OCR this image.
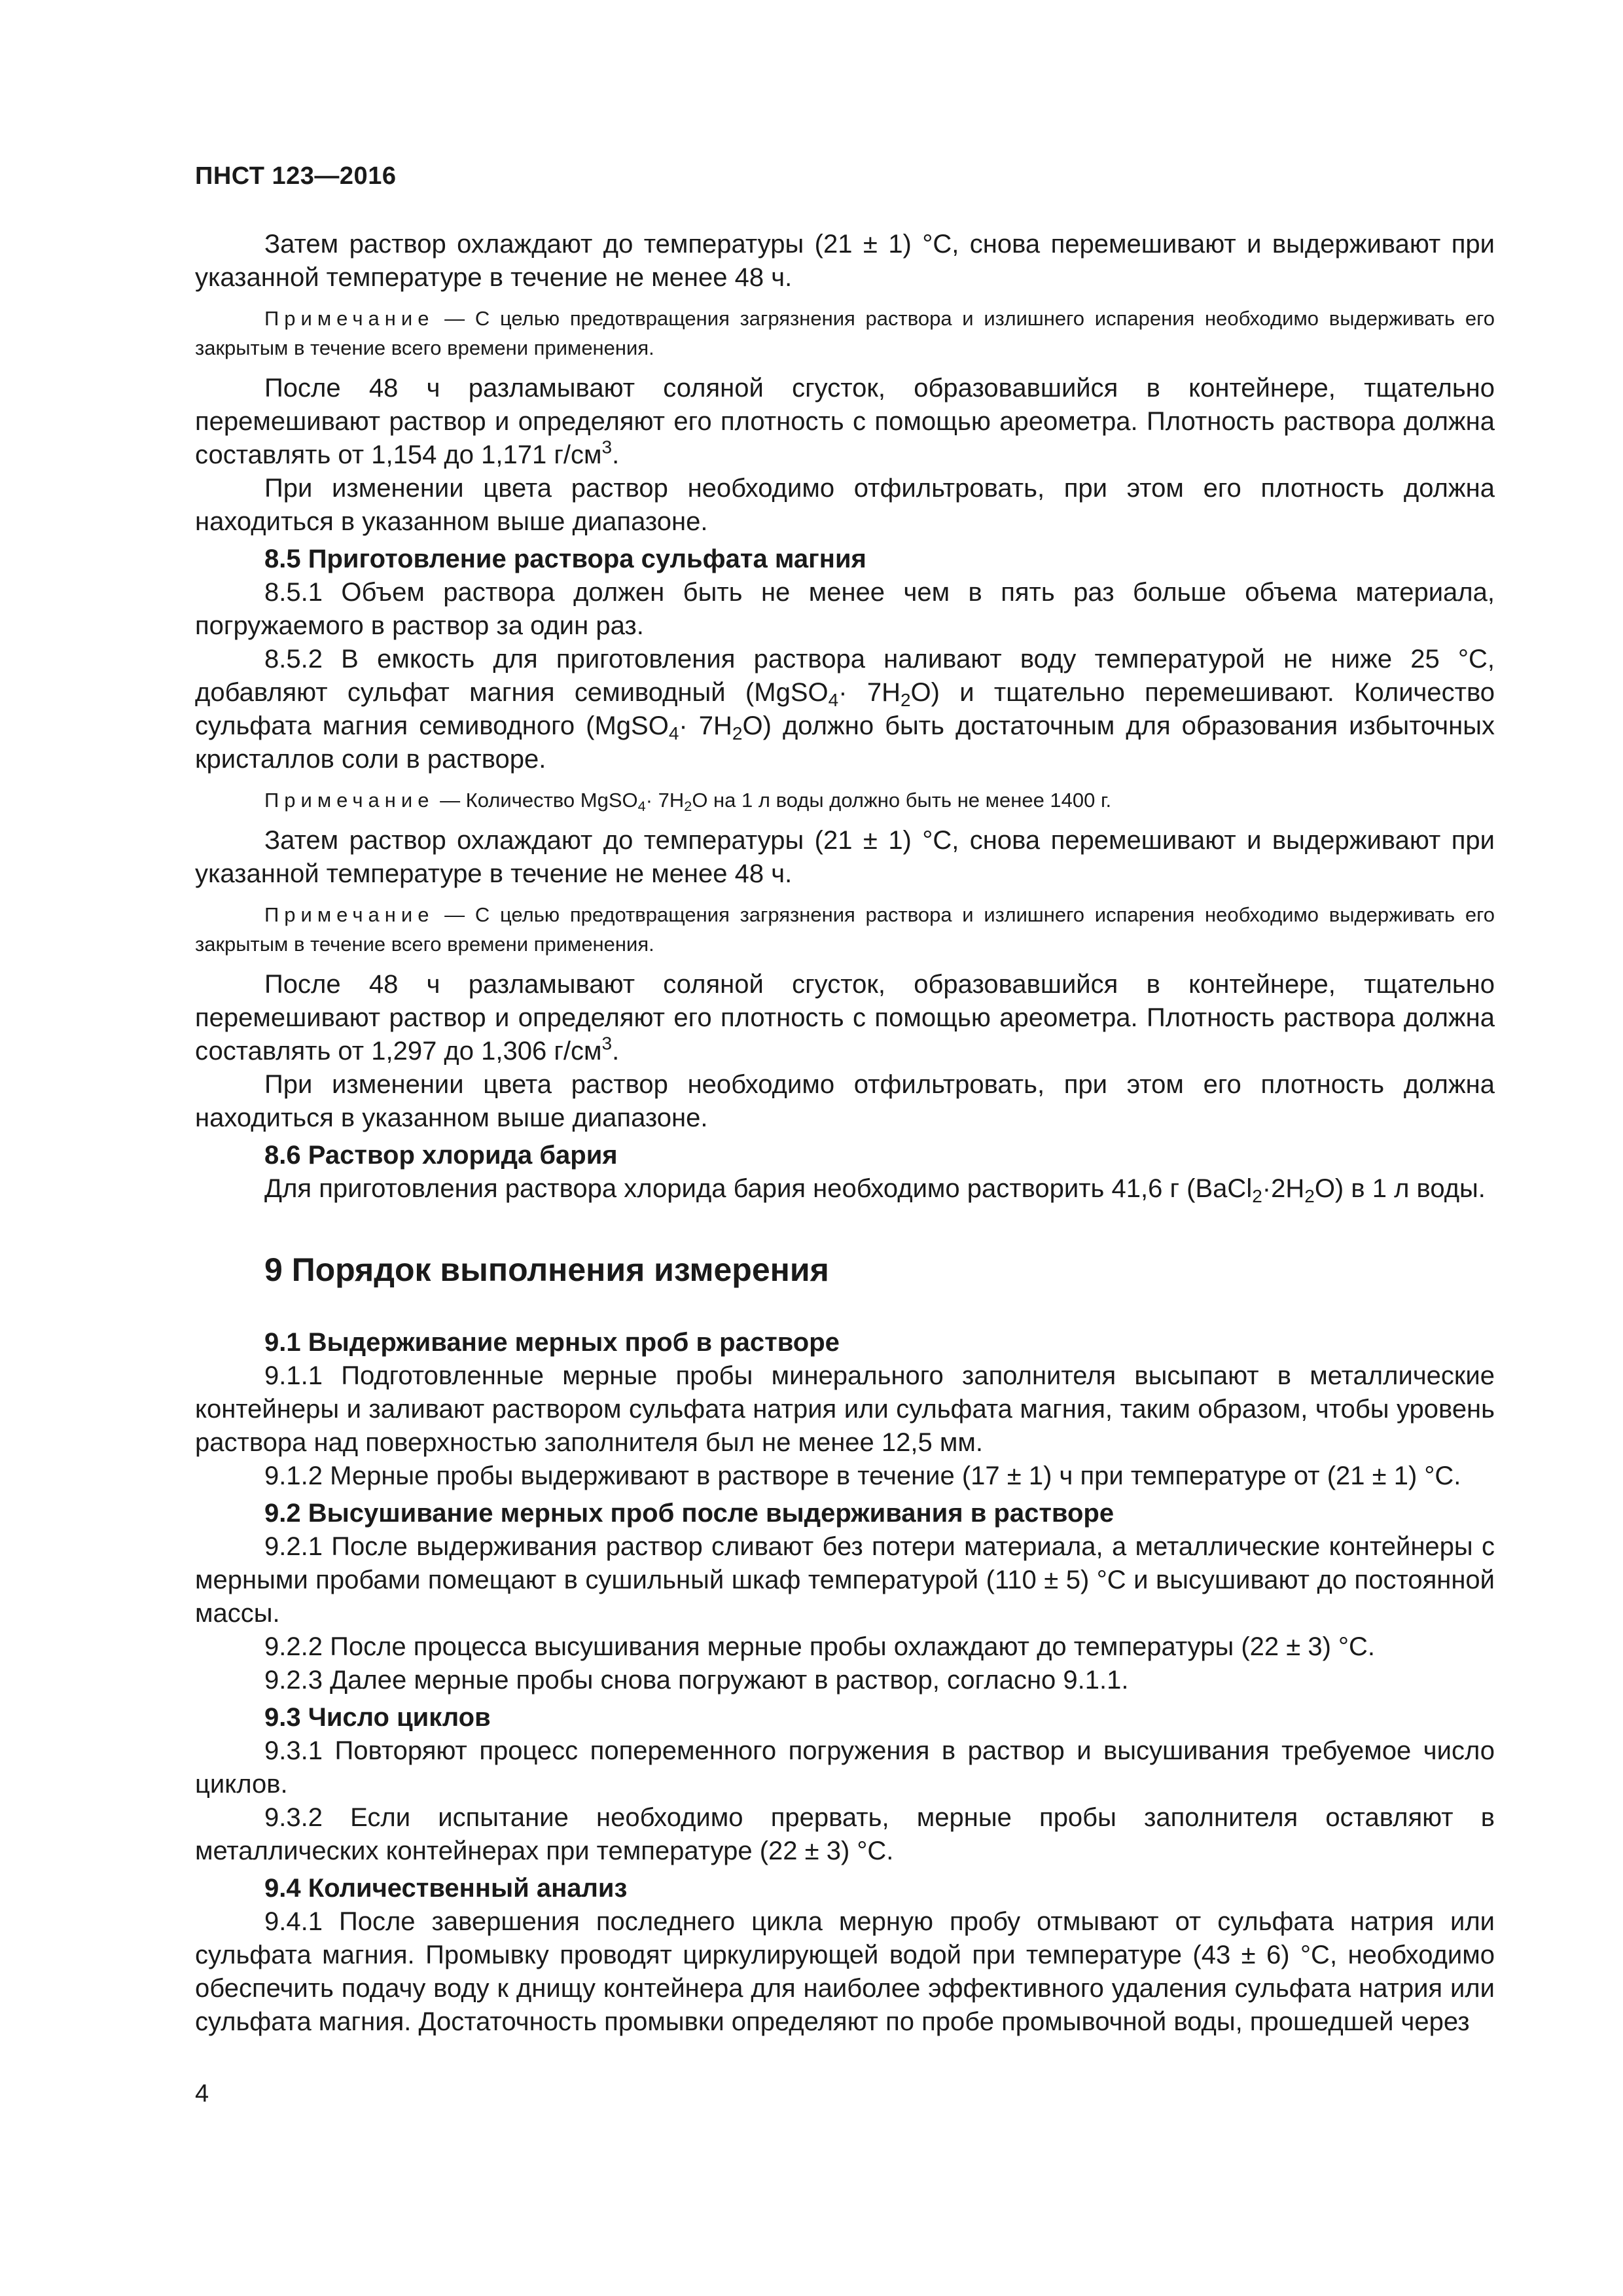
ПНСТ 123—2016

Затем раствор охлаждают до температуры (21 ± 1) °С, снова перемешивают и выдерживают при указанной температуре в течение не менее 48 ч.

Примечание — С целью предотвращения загрязнения раствора и излишнего испарения необходимо выдерживать его закрытым в течение всего времени применения.

После 48 ч разламывают соляной сгусток, образовавшийся в контейнере, тщательно перемешивают раствор и определяют его плотность с помощью ареометра. Плотность раствора должна составлять от 1,154 до 1,171 $г/см^3$.

При изменении цвета раствор необходимо отфильтровать, при этом его плотность должна находиться в указанном выше диапазоне.

8.5 Приготовление раствора сульфата магния

8.5.1 Объем раствора должен быть не менее чем в пять раз больше объема материала, погружаемого в раствор за один раз.

8.5.2 В емкость для приготовления раствора наливают воду температурой не ниже 25 °С, добавляют сульфат магния семиводный (MgSO$_4$· $7H_2O$) и тщательно перемешивают. Количество сульфата магния семиводного (MgSO$_4$· $7H_2O$) должно быть достаточным для образования избыточных кристаллов соли в растворе.

Примечание — Количество MgSO$_4$· $7H_2O$ на 1 л воды должно быть не менее 1400 г.

Затем раствор охлаждают до температуры (21 ± 1) °С, снова перемешивают и выдерживают при указанной температуре в течение не менее 48 ч.

Примечание — С целью предотвращения загрязнения раствора и излишнего испарения необходимо выдерживать его закрытым в течение всего времени применения.

После 48 ч разламывают соляной сгусток, образовавшийся в контейнере, тщательно перемешивают раствор и определяют его плотность с помощью ареометра. Плотность раствора должна составлять от 1,297 до 1,306 $г/см^3$.

При изменении цвета раствор необходимо отфильтровать, при этом его плотность должна находиться в указанном выше диапазоне.

8.6 Раствор хлорида бария

Для приготовления раствора хлорида бария необходимо растворить 41,6 г $(BaCl_2\cdot 2H_2O)$ в 1 л воды.

9 Порядок выполнения измерения

9.1 Выдерживание мерных проб в растворе

9.1.1 Подготовленные мерные пробы минерального заполнителя высыпают в металлические контейнеры и заливают раствором сульфата натрия или сульфата магния, таким образом, чтобы уровень раствора над поверхностью заполнителя был не менее 12,5 мм.

9.1.2 Мерные пробы выдерживают в растворе в течение (17 ± 1) ч при температуре от (21 ± 1) °С.

9.2 Высушивание мерных проб после выдерживания в растворе

9.2.1 После выдерживания раствор сливают без потери материала, а металлические контейнеры с мерными пробами помещают в сушильный шкаф температурой (110 ± 5) °С и высушивают до постоянной массы.

9.2.2 После процесса высушивания мерные пробы охлаждают до температуры (22 ± 3) °С.

9.2.3 Далее мерные пробы снова погружают в раствор, согласно 9.1.1.

9.3 Число циклов

9.3.1 Повторяют процесс попеременного погружения в раствор и высушивания требуемое число циклов.

9.3.2 Если испытание необходимо прервать, мерные пробы заполнителя оставляют в металлических контейнерах при температуре (22 ± 3) °С.

9.4 Количественный анализ

9.4.1 После завершения последнего цикла мерную пробу отмывают от сульфата натрия или сульфата магния. Промывку проводят циркулирующей водой при температуре (43 ± 6) °С, необходимо обеспечить подачу воду к днищу контейнера для наиболее эффективного удаления сульфата натрия или сульфата магния. Достаточность промывки определяют по пробе промывочной воды, прошедшей через

4
